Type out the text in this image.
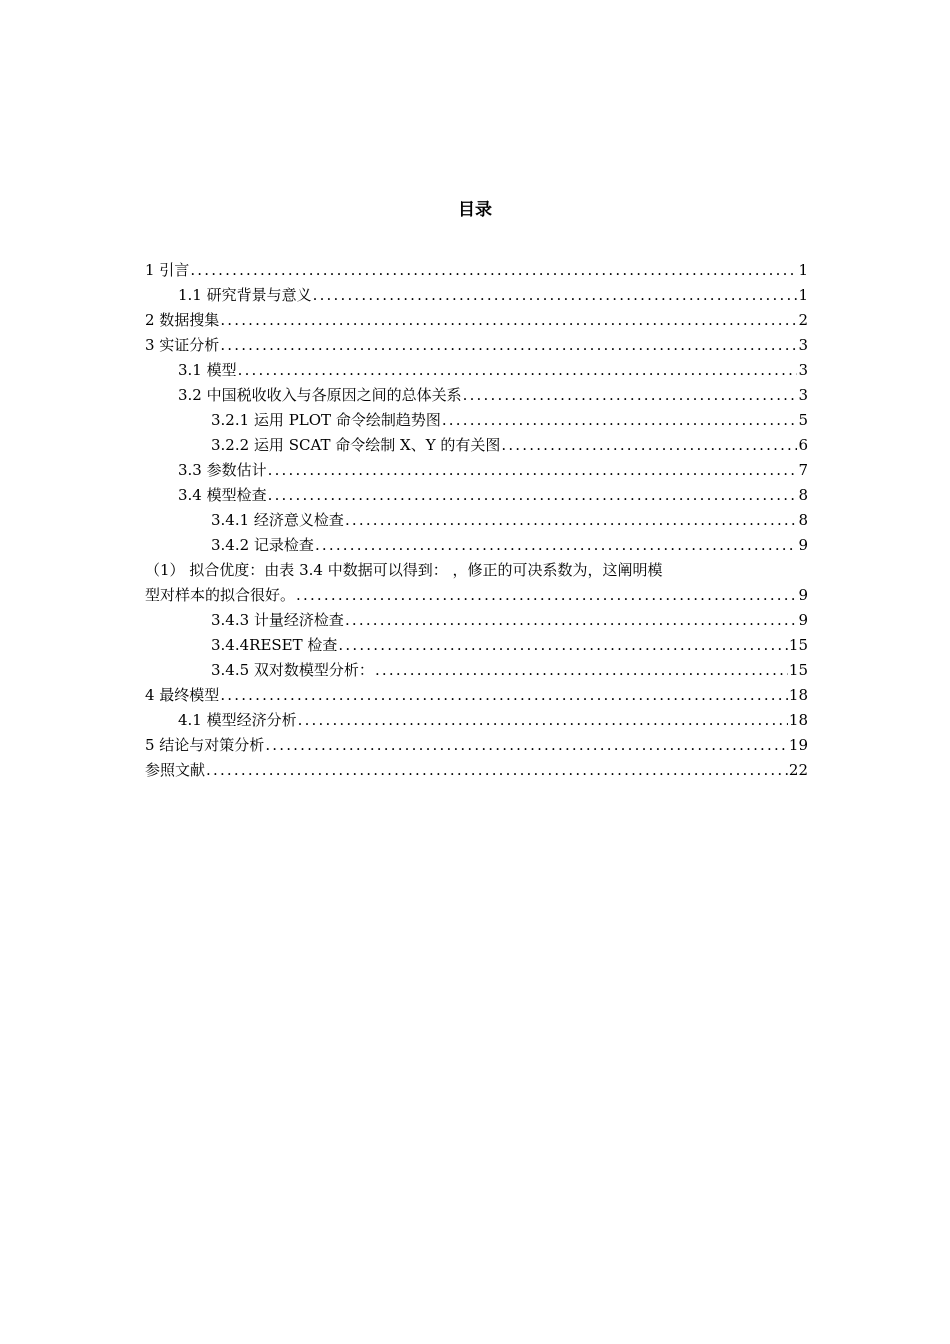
目录
1 引言 .....	1
1.1 研究背景与意义 .....	1
2 数据搜集 .....	2
3 实证分析 .....	3
3.1 模型 .....	3
3.2 中国税收收入与各原因之间的总体关系 .....	3
3.2.1 运用 PLOT 命令绘制趋势图 .....	5
3.2.2 运用 SCAT 命令绘制 X、Y 的有关图 .....	6
3.3 参数估计 .....	7
3.4 模型检查 .....	8
3.4.1 经济意义检查 .....	8
3.4.2 记录检查 .....	9
（1） 拟合优度：由表 3.4 中数据可以得到： ，修正的可决系数为，这阐明模
型对样本的拟合很好。 .....	9
3.4.3 计量经济检查 .....	9
3.4.4RESET 检查 .....	15
3.4.5 双对数模型分析： .....	15
4 最终模型 .....	18
4.1 模型经济分析 .....	18
5 结论与对策分析 .....	19
参照文献 .....	22
